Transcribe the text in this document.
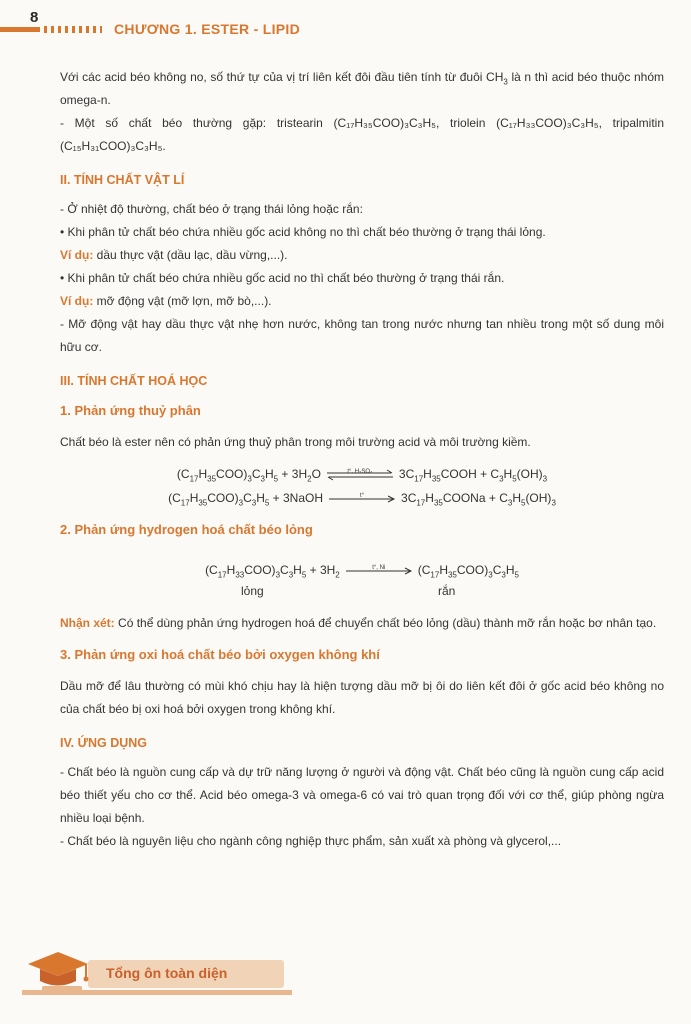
8
CHƯƠNG 1. ESTER - LIPID

Với các acid béo không no, số thứ tự của vị trí liên kết đôi đầu tiên tính từ đuôi $CH_3$ là n thì acid béo thuộc nhóm omega-n.

- Một số chất béo thường gặp: tristearin (C₁₇H₃₅COO)₃C₃H₅, triolein (C₁₇H₃₃COO)₃C₃H₅, tripalmitin (C₁₅H₃₁COO)₃C₃H₅.

II. TÍNH CHẤT VẬT LÍ

- Ở nhiệt độ thường, chất béo ở trạng thái lỏng hoặc rắn:

• Khi phân tử chất béo chứa nhiều gốc acid không no thì chất béo thường ở trạng thái lỏng.

Ví dụ: dầu thực vật (dầu lạc, dầu vừng,...).

• Khi phân tử chất béo chứa nhiều gốc acid no thì chất béo thường ở trạng thái rắn.

Ví dụ: mỡ động vật (mỡ lợn, mỡ bò,...).

- Mỡ động vật hay dầu thực vật nhẹ hơn nước, không tan trong nước nhưng tan nhiều trong một số dung môi hữu cơ.

III. TÍNH CHẤT HOÁ HỌC
1. Phản ứng thuỷ phân

Chất béo là ester nên có phản ứng thuỷ phân trong môi trường acid và môi trường kiềm.

$(C_{17}H_{35}COO)_3C_3H_5 + 3H_2O$	t°, H₂SO₄	$3C_{17}H_{35}COOH + C_3H_5(OH)_3$
$(C_{17}H_{35}COO)_3C_3H_5$ + 3NaOH	t°	$3C_{17}H_{35}COONa + C_3H_5(OH)_3$
2. Phản ứng hydrogen hoá chất béo lỏng
$(C_{17}H_{33}COO)_3C_3H_5 + 3H_2$
t°, Ni	$(C_{17}H_{35}COO)_3C_3H_5$
lỏng	rắn

Nhận xét: Có thể dùng phản ứng hydrogen hoá để chuyển chất béo lỏng (dầu) thành mỡ rắn hoặc bơ nhân tạo.

3. Phản ứng oxi hoá chất béo bởi oxygen không khí

Dầu mỡ để lâu thường có mùi khó chịu hay là hiện tượng dầu mỡ bị ôi do liên kết đôi ở gốc acid béo không no của chất béo bị oxi hoá bởi oxygen trong không khí.

IV. ỨNG DỤNG

- Chất béo là nguồn cung cấp và dự trữ năng lượng ở người và động vật. Chất béo cũng là nguồn cung cấp acid béo thiết yếu cho cơ thể. Acid béo omega-3 và omega-6 có vai trò quan trọng đối với cơ thể, giúp phòng ngừa nhiều loại bệnh.

- Chất béo là nguyên liệu cho ngành công nghiệp thực phẩm, sản xuất xà phòng và glycerol,...

Tổng ôn toàn diện
